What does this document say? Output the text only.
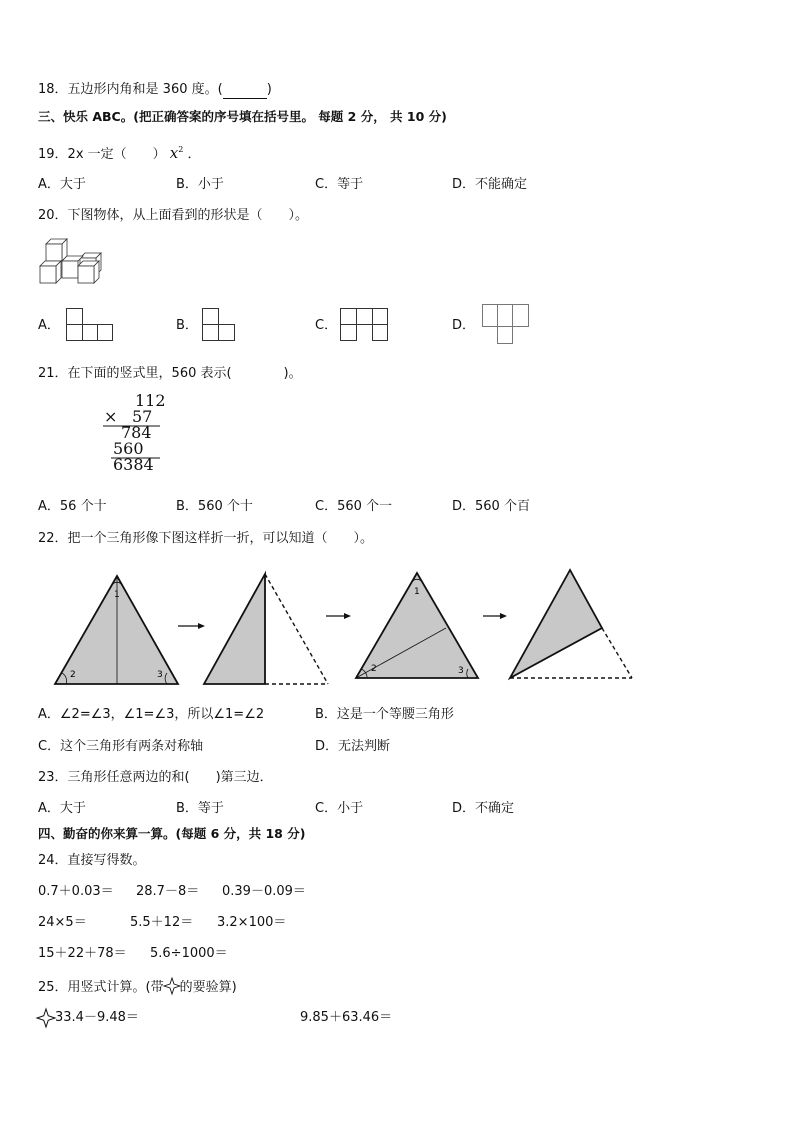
18．五边形内角和是 360 度。(	)
三、快乐 ABC。(把正确答案的序号填在括号里。 每题 2 分， 共 10 分)
19．2x 一定（　　） $x^2$ ．
A．大于	B．小于	C．等于	D．不能确定
20．下图物体，从上面看到的形状是（　　）。
A．	B．	C．	D．
21．在下面的竖式里，560 表示(　　　　)。
112
× 57
784
560
6384
A．56 个十	B．560 个十	C．560 个一	D．560 个百
22．把一个三角形像下图这样折一折，可以知道（　　）。
1
2	3
1
2	3
A．∠2=∠3，∠1=∠3，所以∠1=∠2	B．这是一个等腰三角形
C．这个三角形有两条对称轴	D．无法判断
23．三角形任意两边的和(　　)第三边．
A．大于	B．等于	C．小于	D．不确定
四、勤奋的你来算一算。(每题 6 分，共 18 分)
24．直接写得数。
0.7＋0.03＝ 28.7－8＝ 0.39－0.09＝
24×5＝	5.5＋12＝ 3.2×100＝
15＋22＋78＝ 5.6÷1000＝
25．用竖式计算。(带 的要验算)
33.4－9.48＝	9.85＋63.46＝
